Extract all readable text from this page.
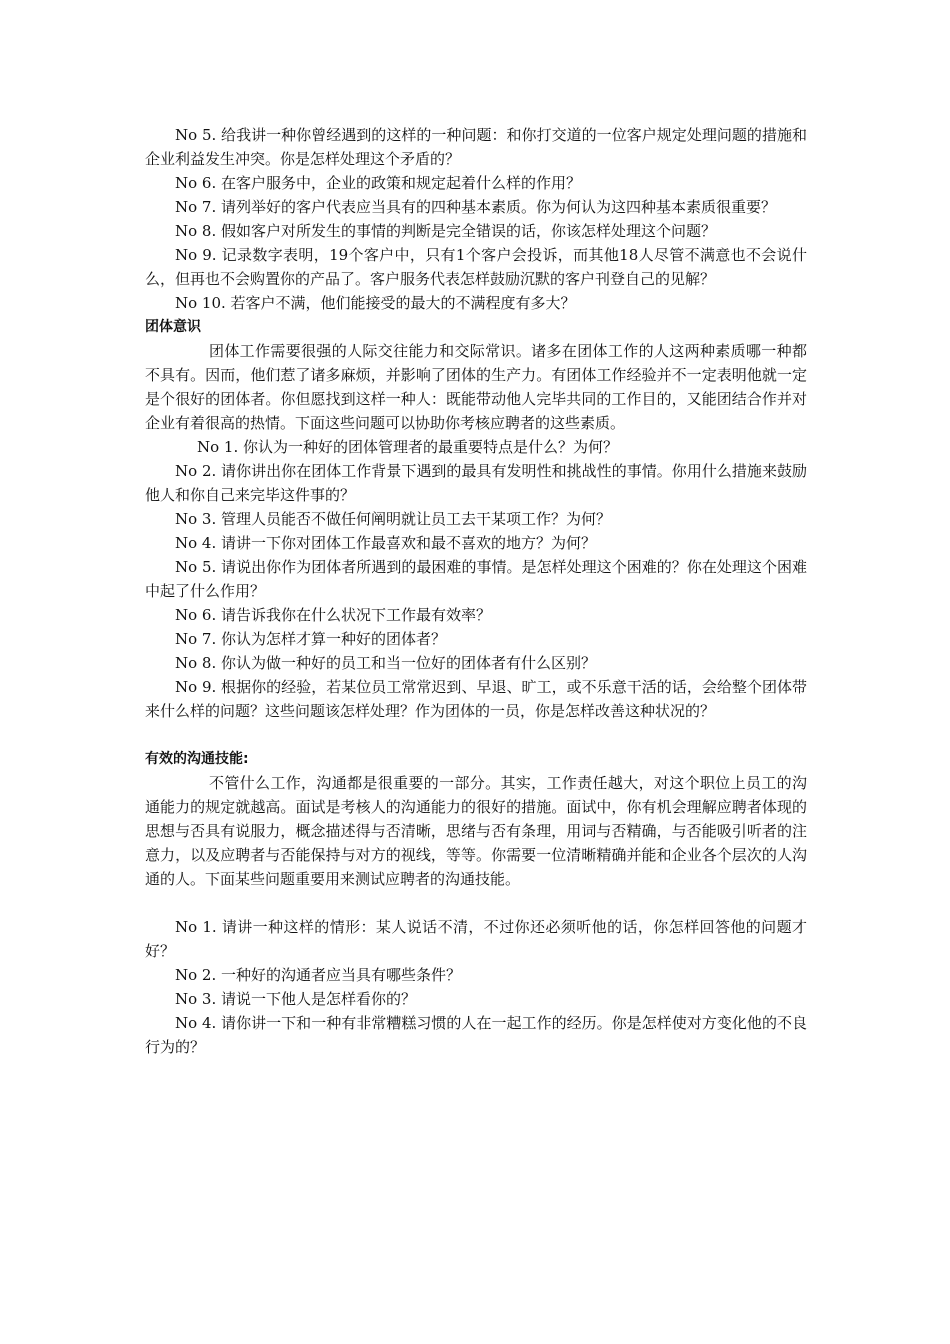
No 5. 给我讲一种你曾经遇到的这样的一种问题：和你打交道的一位客户规定处理问题的措施和企业利益发生冲突。你是怎样处理这个矛盾的？

No 6. 在客户服务中，企业的政策和规定起着什么样的作用？

No 7. 请列举好的客户代表应当具有的四种基本素质。你为何认为这四种基本素质很重要？

No 8. 假如客户对所发生的事情的判断是完全错误的话，你该怎样处理这个问题？

No 9. 记录数字表明，19个客户中，只有1个客户会投诉，而其他18人尽管不满意也不会说什么，但再也不会购置你的产品了。客户服务代表怎样鼓励沉默的客户刊登自己的见解？

No 10. 若客户不满，他们能接受的最大的不满程度有多大？

团体意识

团体工作需要很强的人际交往能力和交际常识。诸多在团体工作的人这两种素质哪一种都不具有。因而，他们惹了诸多麻烦，并影响了团体的生产力。有团体工作经验并不一定表明他就一定是个很好的团体者。你但愿找到这样一种人：既能带动他人完毕共同的工作目的，又能团结合作并对企业有着很高的热情。下面这些问题可以协助你考核应聘者的这些素质。

No 1. 你认为一种好的团体管理者的最重要特点是什么？为何？

No 2. 请你讲出你在团体工作背景下遇到的最具有发明性和挑战性的事情。你用什么措施来鼓励他人和你自己来完毕这件事的？

No 3. 管理人员能否不做任何阐明就让员工去干某项工作？为何？

No 4. 请讲一下你对团体工作最喜欢和最不喜欢的地方？为何？

No 5. 请说出你作为团体者所遇到的最困难的事情。是怎样处理这个困难的？你在处理这个困难中起了什么作用？

No 6. 请告诉我你在什么状况下工作最有效率？

No 7. 你认为怎样才算一种好的团体者？

No 8. 你认为做一种好的员工和当一位好的团体者有什么区别？

No 9. 根据你的经验，若某位员工常常迟到、早退、旷工，或不乐意干活的话，会给整个团体带来什么样的问题？这些问题该怎样处理？作为团体的一员，你是怎样改善这种状况的？

有效的沟通技能:

不管什么工作，沟通都是很重要的一部分。其实，工作责任越大，对这个职位上员工的沟通能力的规定就越高。面试是考核人的沟通能力的很好的措施。面试中，你有机会理解应聘者体现的思想与否具有说服力，概念描述得与否清晰，思绪与否有条理，用词与否精确，与否能吸引听者的注意力，以及应聘者与否能保持与对方的视线，等等。你需要一位清晰精确并能和企业各个层次的人沟通的人。下面某些问题重要用来测试应聘者的沟通技能。

No 1. 请讲一种这样的情形：某人说话不清，不过你还必须听他的话，你怎样回答他的问题才好？

No 2. 一种好的沟通者应当具有哪些条件？

No 3. 请说一下他人是怎样看你的？

No 4. 请你讲一下和一种有非常糟糕习惯的人在一起工作的经历。你是怎样使对方变化他的不良行为的？
